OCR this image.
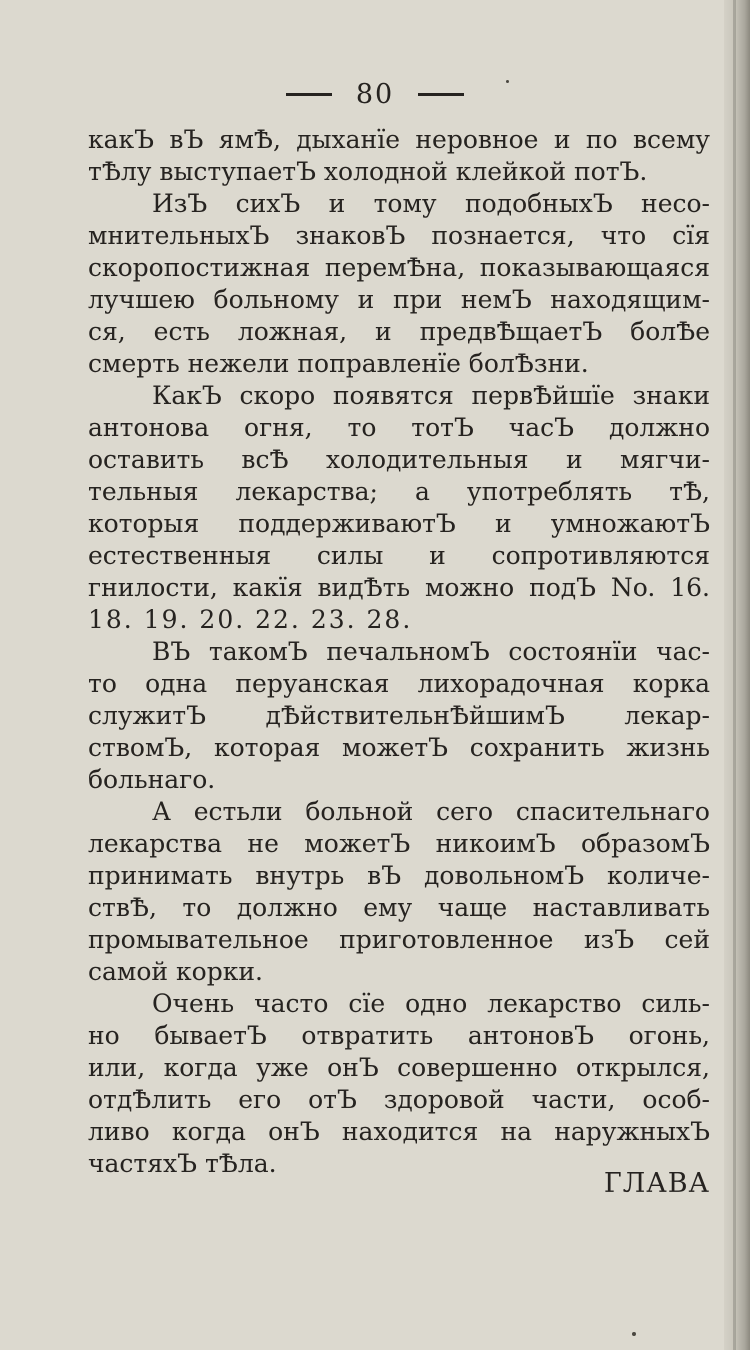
80
какЪ вЪ ямѢ, дыханїе неровное и по всему
тѢлу выступаетЪ холодной клейкой потЪ.
ИзЪ сихЪ и тому подобныхЪ несо-
мнительныхЪ знаковЪ познается, что сїя
скоропостижная перемѢна, показывающаяся
лучшею больному и при немЪ находящим-
ся, есть ложная, и предвѢщаетЪ болѢе
смерть нежели поправленїе болѢзни.
КакЪ скоро появятся первѢйшїе знаки
антонова огня, то тотЪ часЪ должно
оставить всѢ холодительныя и мягчи-
тельныя лекарства; а употреблять тѢ,
которыя поддерживаютЪ и умножаютЪ
естественныя силы и сопротивляются
гнилости, какїя видѢть можно подЪ No. 16.
18. 19. 20. 22. 23. 28.
ВЪ такомЪ печальномЪ состоянїи час-
то одна перуанская лихорадочная корка
служитЪ дѢйствительнѢйшимЪ лекар-
ствомЪ, которая можетЪ сохранить жизнь
больнаго.
А естьли больной сего спасительнаго
лекарства не можетЪ никоимЪ образомЪ
принимать внутрь вЪ довольномЪ количе-
ствѢ, то должно ему чаще наставливать
промывательное приготовленное изЪ сей
самой корки.
Очень часто сїе одно лекарство силь-
но бываетЪ отвратить антоновЪ огонь,
или, когда уже онЪ совершенно открылся,
отдѢлить его отЪ здоровой части, особ-
ливо когда онЪ находится на наружныхЪ
частяхЪ тѢла.
ГЛАВА
